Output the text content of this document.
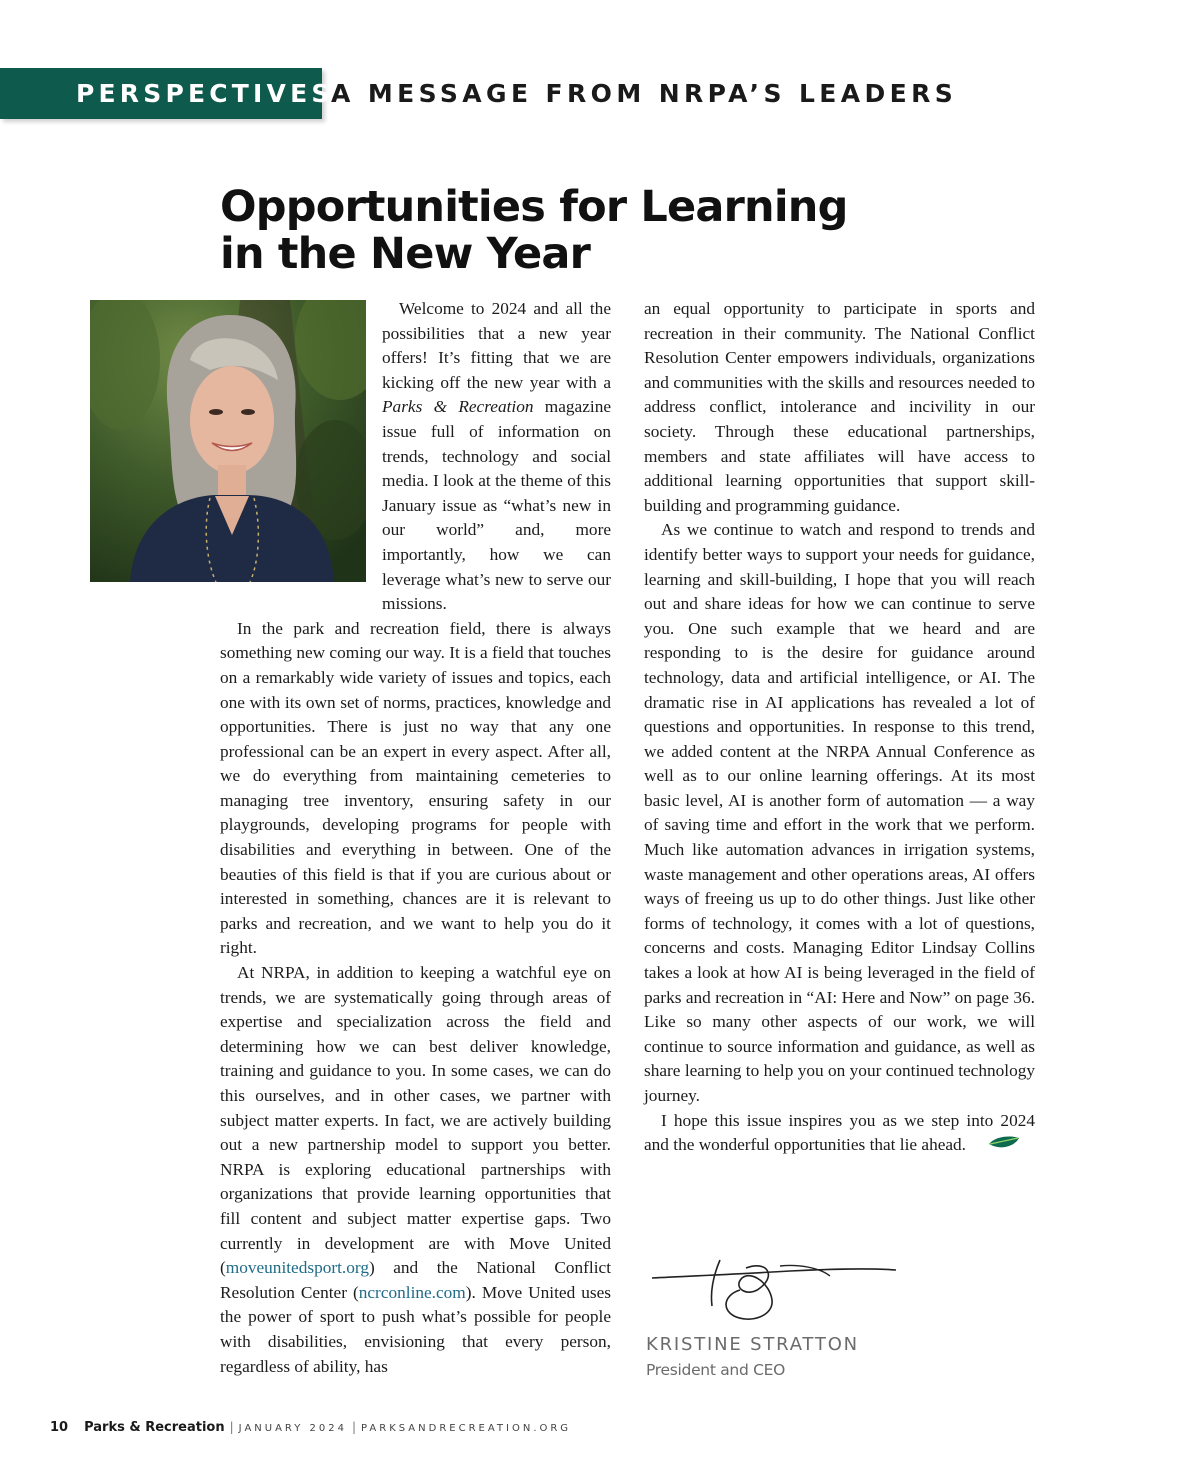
PERSPECTIVES
A MESSAGE FROM NRPA’S LEADERS
Opportunities for Learning
in the New Year

Welcome to 2024 and all the possibilities that a new year offers! It’s fitting that we are kicking off the new year with a Parks & Recreation magazine issue full of information on trends, technology and social media. I look at the theme of this January issue as “what’s new in our world” and, more importantly, how we can leverage what’s new to serve our missions.

In the park and recreation field, there is always something new coming our way. It is a field that touches on a remarkably wide variety of issues and topics, each one with its own set of norms, practices, knowledge and opportunities. There is just no way that any one professional can be an expert in every aspect. After all, we do everything from maintaining cemeteries to managing tree inventory, ensuring safety in our playgrounds, developing programs for people with disabilities and everything in between. One of the beauties of this field is that if you are curious about or interested in something, chances are it is relevant to parks and recreation, and we want to help you do it right.

At NRPA, in addition to keeping a watchful eye on trends, we are systematically going through areas of expertise and specialization across the field and determining how we can best deliver knowledge, training and guidance to you. In some cases, we can do this ourselves, and in other cases, we partner with subject matter experts. In fact, we are actively building out a new partnership model to support you better. NRPA is exploring educational partnerships with organizations that provide learning opportunities that fill content and subject matter expertise gaps. Two currently in development are with Move United (moveunitedsport.org) and the National Conflict Resolution Center (ncrconline.com). Move United uses the power of sport to push what’s possible for people with disabilities, envisioning that every person, regardless of ability, has

an equal opportunity to participate in sports and recreation in their community. The National Conflict Resolution Center empowers individuals, organizations and communities with the skills and resources needed to address conflict, intolerance and incivility in our society. Through these educational partnerships, members and state affiliates will have access to additional learning opportunities that support skill-building and programming guidance.

As we continue to watch and respond to trends and identify better ways to support your needs for guidance, learning and skill-building, I hope that you will reach out and share ideas for how we can continue to serve you. One such example that we heard and are responding to is the desire for guidance around technology, data and artificial intelligence, or AI. The dramatic rise in AI applications has revealed a lot of questions and opportunities. In response to this trend, we added content at the NRPA Annual Conference as well as to our online learning offerings. At its most basic level, AI is another form of automation — a way of saving time and effort in the work that we perform. Much like automation advances in irrigation systems, waste management and other operations areas, AI offers ways of freeing us up to do other things. Just like other forms of technology, it comes with a lot of questions, concerns and costs. Managing Editor Lindsay Collins takes a look at how AI is being leveraged in the field of parks and recreation in “AI: Here and Now” on page 36. Like so many other aspects of our work, we will continue to source information and guidance, as well as share learning to help you on your continued technology journey.

I hope this issue inspires you as we step into 2024 and the wonderful opportunities that lie ahead.

KRISTINE STRATTON
President and CEO
10 Parks & Recreation | JANUARY 2024 | PARKSANDRECREATION.ORG
